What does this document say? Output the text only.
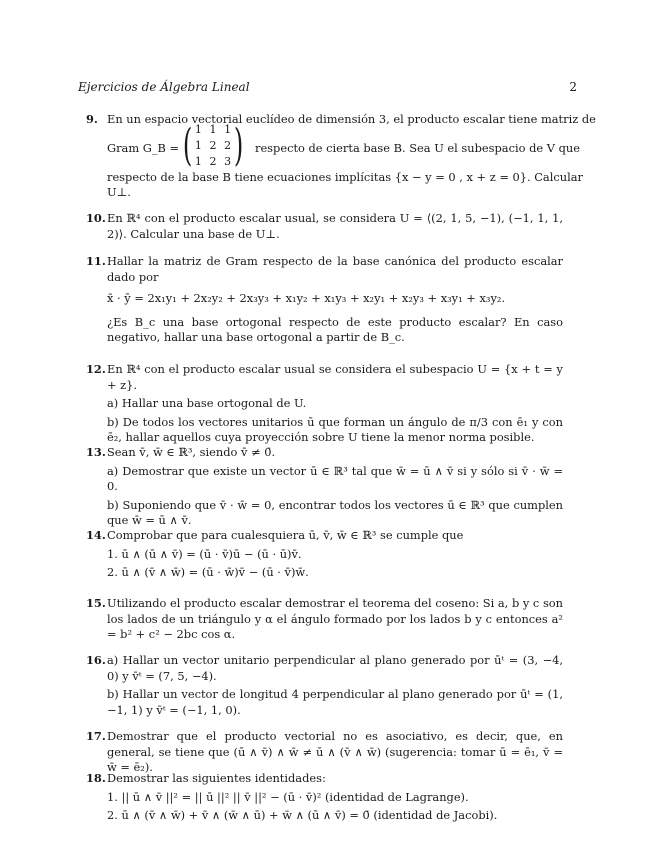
Ejercicios de Álgebra Lineal	2
9. En un espacio vectorial euclídeo de dimensión 3, el producto escalar tiene matriz de

Gram G_B = ( 1 1 1
1 2 2
1 2 3 ) respecto de cierta base B. Sea U el subespacio de V que
respecto de la base B tiene ecuaciones implícitas {x − y = 0 , x + z = 0}. Calcular
U⊥.
10. En ℝ⁴ con el producto escalar usual, se considera U = ⟨(2, 1, 5, −1), (−1, 1, 1, 2)⟩. Calcular una base de U⊥.

11. Hallar la matriz de Gram respecto de la base canónica del producto escalar dado por

x̄ · ȳ = 2x₁y₁ + 2x₂y₂ + 2x₃y₃ + x₁y₂ + x₁y₃ + x₂y₁ + x₂y₃ + x₃y₁ + x₃y₂.

¿Es B_c una base ortogonal respecto de este producto escalar? En caso negativo, hallar una base ortogonal a partir de B_c.

12. En ℝ⁴ con el producto escalar usual se considera el subespacio U = {x + t = y + z}.

a) Hallar una base ortogonal de U.

b) De todos los vectores unitarios ū que forman un ángulo de π/3 con ē₁ y con ē₂, hallar aquellos cuya proyección sobre U tiene la menor norma posible.

13. Sean v̄, w̄ ∈ ℝ³, siendo v̄ ≠ 0̄.

a) Demostrar que existe un vector ū ∈ ℝ³ tal que w̄ = ū ∧ v̄ si y sólo si v̄ · w̄ = 0.

b) Suponiendo que v̄ · w̄ = 0, encontrar todos los vectores ū ∈ ℝ³ que cumplen que w̄ = ū ∧ v̄.

14. Comprobar que para cualesquiera ū, v̄, w̄ ∈ ℝ³ se cumple que

1. ū ∧ (ū ∧ v̄) = (ū · v̄)ū − (ū · ū)v̄.

2. ū ∧ (v̄ ∧ w̄) = (ū · w̄)v̄ − (ū · v̄)w̄.

15. Utilizando el producto escalar demostrar el teorema del coseno: Si a, b y c son los lados de un triángulo y α el ángulo formado por los lados b y c entonces a² = b² + c² − 2bc cos α.

16. a) Hallar un vector unitario perpendicular al plano generado por ūᵗ = (3, −4, 0) y v̄ᵗ = (7, 5, −4).

b) Hallar un vector de longitud 4 perpendicular al plano generado por ūᵗ = (1, −1, 1) y v̄ᵗ = (−1, 1, 0).

17. Demostrar que el producto vectorial no es asociativo, es decir, que, en general, se tiene que (ū ∧ v̄) ∧ w̄ ≠ ū ∧ (v̄ ∧ w̄) (sugerencia: tomar ū = ē₁, v̄ = w̄ = ē₂).

18. Demostrar las siguientes identidades:

1. || ū ∧ v̄ ||² = || ū ||² || v̄ ||² − (ū · v̄)² (identidad de Lagrange).

2. ū ∧ (v̄ ∧ w̄) + v̄ ∧ (w̄ ∧ ū) + w̄ ∧ (ū ∧ v̄) = 0̄ (identidad de Jacobi).
